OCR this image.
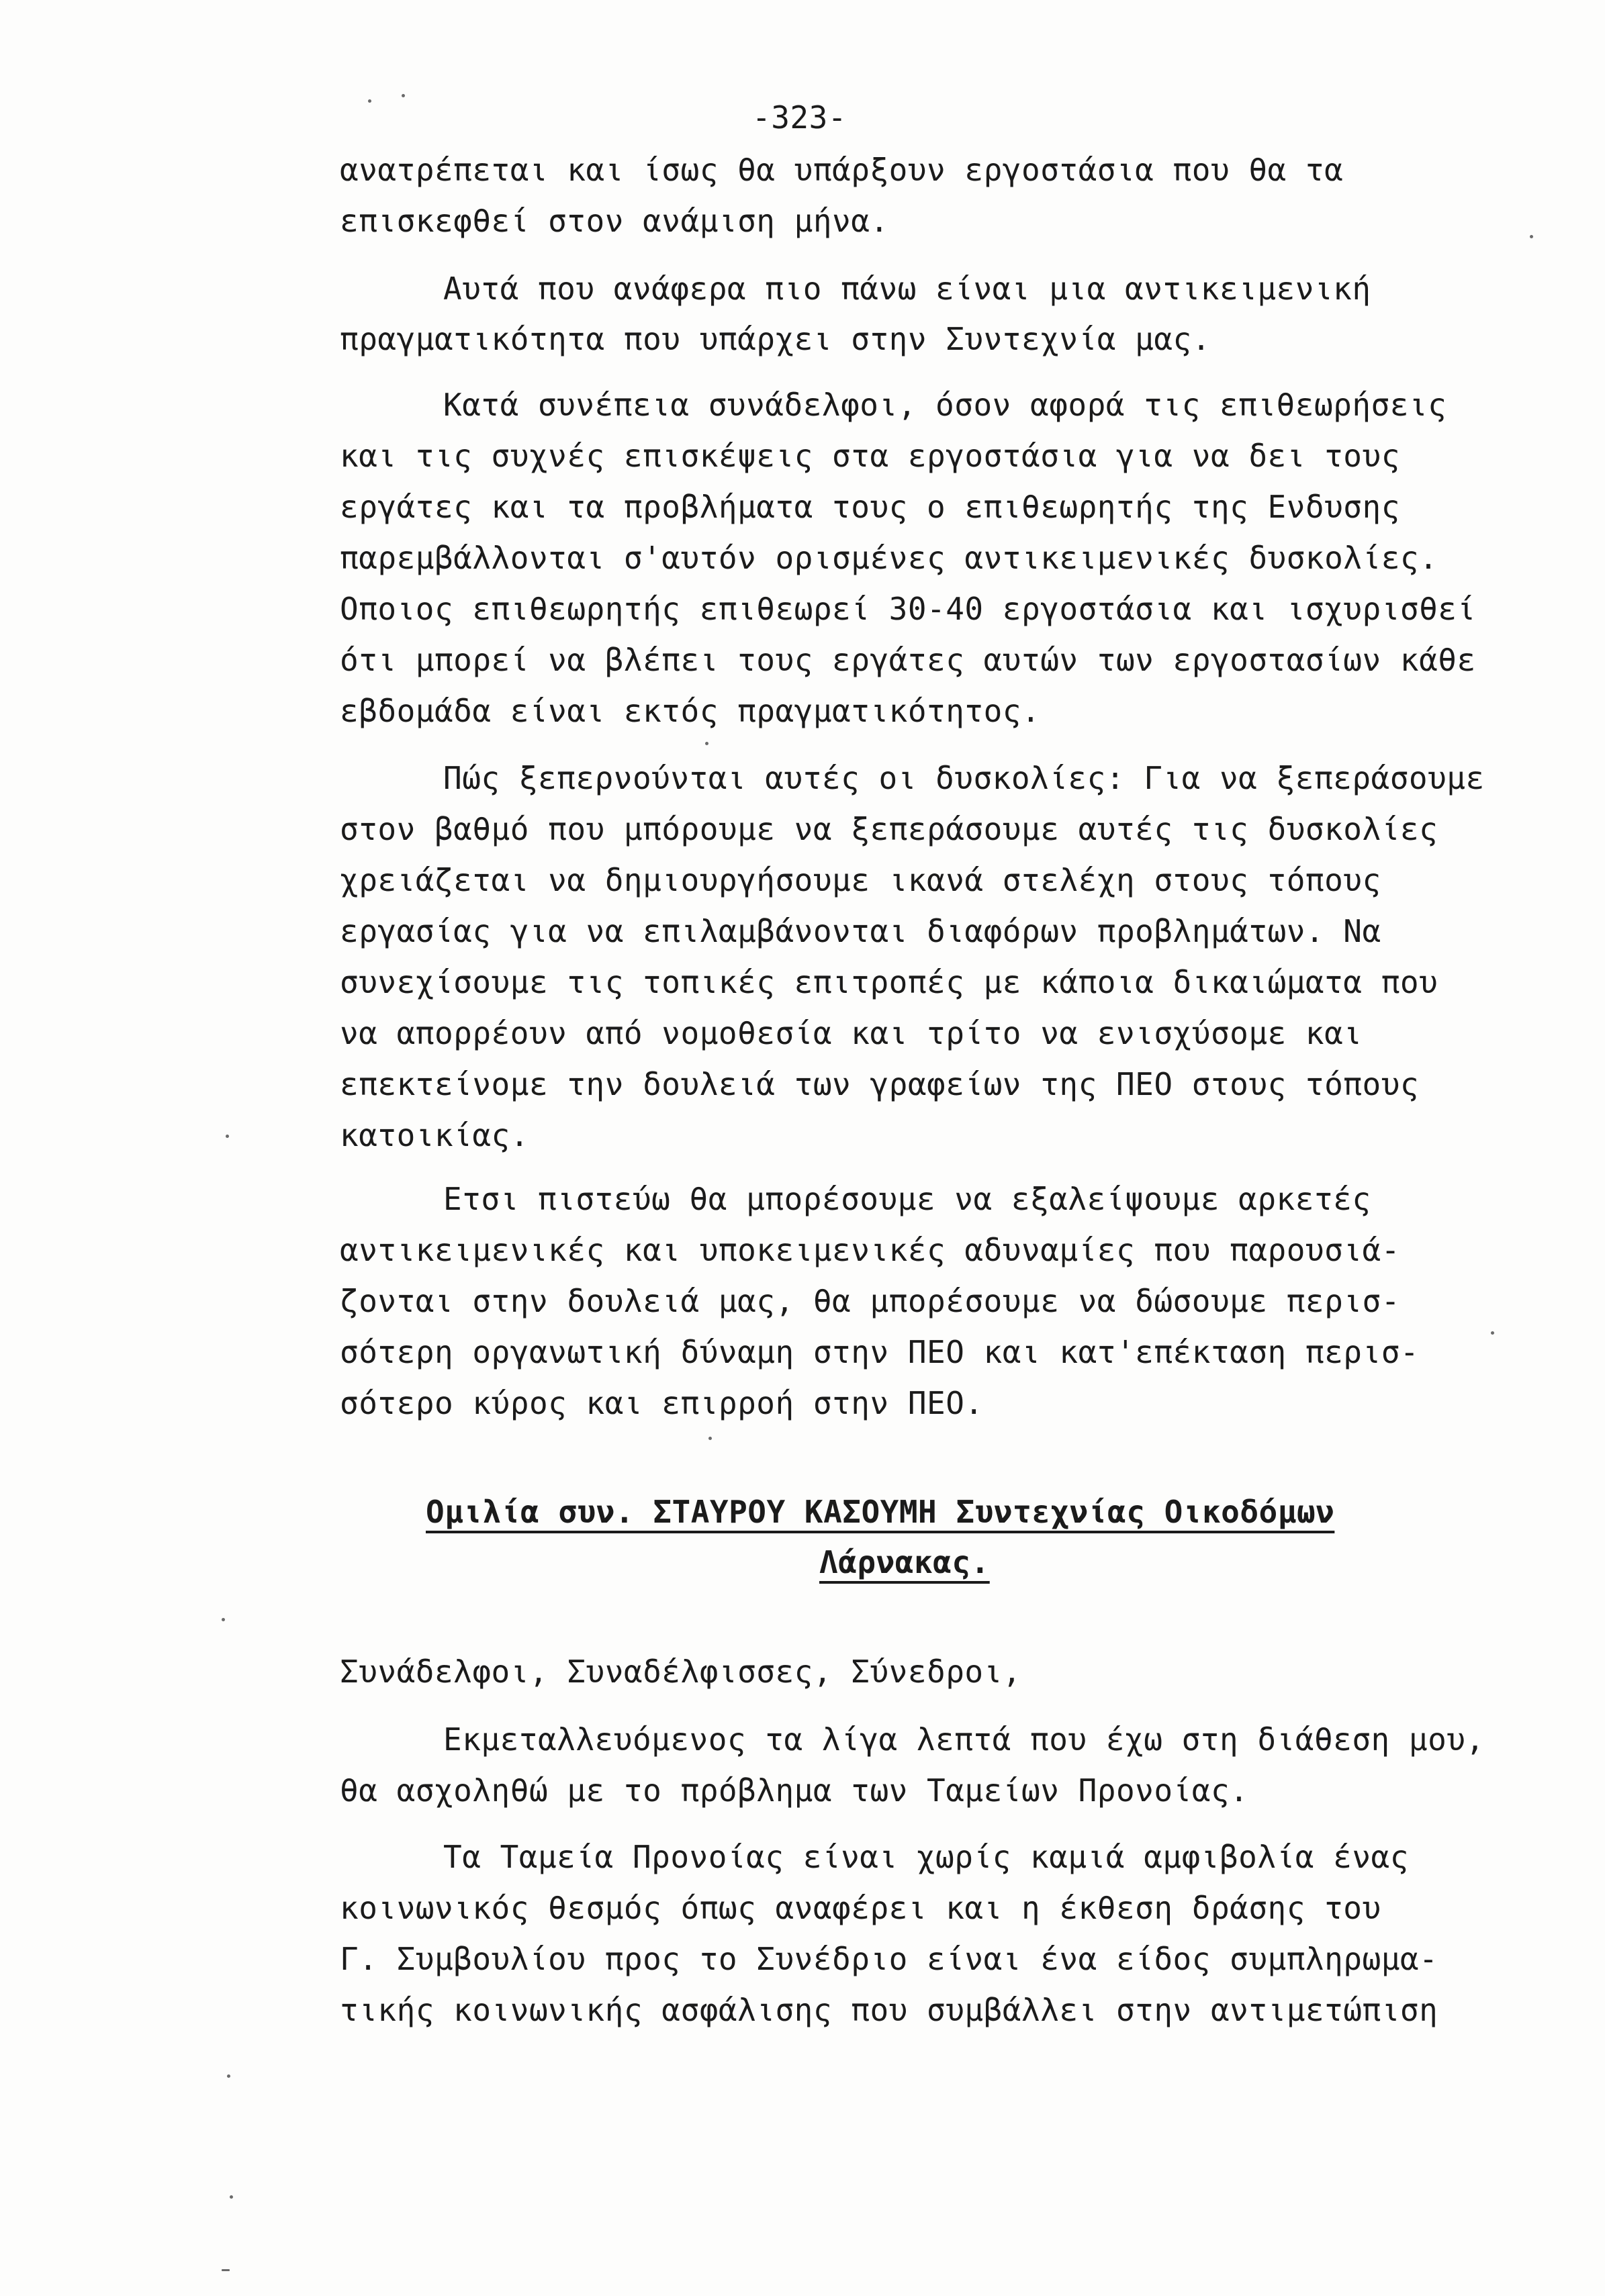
-323-
ανατρέπεται και ίσως θα υπάρξουν εργοστάσια που θα τα
επισκεφθεί στον ανάμιση μήνα.
Αυτά που ανάφερα πιο πάνω είναι μια αντικειμενική
πραγματικότητα που υπάρχει στην Συντεχνία μας.
Κατά συνέπεια συνάδελφοι, όσον αφορά τις επιθεωρήσεις
και τις συχνές επισκέψεις στα εργοστάσια για να δει τους
εργάτες και τα προβλήματα τους ο επιθεωρητής της Ενδυσης
παρεμβάλλονται σ'αυτόν ορισμένες αντικειμενικές δυσκολίες.
Οποιος επιθεωρητής επιθεωρεί 30-40 εργοστάσια και ισχυρισθεί
ότι μπορεί να βλέπει τους εργάτες αυτών των εργοστασίων κάθε
εβδομάδα είναι εκτός πραγματικότητος.
Πώς ξεπερνούνται αυτές οι δυσκολίες: Για να ξεπεράσουμε
στον βαθμό που μπόρουμε να ξεπεράσουμε αυτές τις δυσκολίες
χρειάζεται να δημιουργήσουμε ικανά στελέχη στους τόπους
εργασίας για να επιλαμβάνονται διαφόρων προβλημάτων. Να
συνεχίσουμε τις τοπικές επιτροπές με κάποια δικαιώματα που
να απορρέουν από νομοθεσία και τρίτο να ενισχύσομε και
επεκτείνομε την δουλειά των γραφείων της ΠΕΟ στους τόπους
κατοικίας.
Ετσι πιστεύω θα μπορέσουμε να εξαλείψουμε αρκετές
αντικειμενικές και υποκειμενικές αδυναμίες που παρουσιά-
ζονται στην δουλειά μας, θα μπορέσουμε να δώσουμε περισ-
σότερη οργανωτική δύναμη στην ΠΕΟ και κατ'επέκταση περισ-
σότερο κύρος και επιρροή στην ΠΕΟ.
Ομιλία συν. ΣΤΑΥΡΟΥ ΚΑΣΟΥΜΗ Συντεχνίας Οικοδόμων
Λάρνακας.
Συνάδελφοι, Συναδέλφισσες, Σύνεδροι,
Εκμεταλλευόμενος τα λίγα λεπτά που έχω στη διάθεση μου,
θα ασχοληθώ με το πρόβλημα των Ταμείων Προνοίας.
Τα Ταμεία Προνοίας είναι χωρίς καμιά αμφιβολία ένας
κοινωνικός θεσμός όπως αναφέρει και η έκθεση δράσης του
Γ. Συμβουλίου προς το Συνέδριο είναι ένα είδος συμπληρωμα-
τικής κοινωνικής ασφάλισης που συμβάλλει στην αντιμετώπιση
